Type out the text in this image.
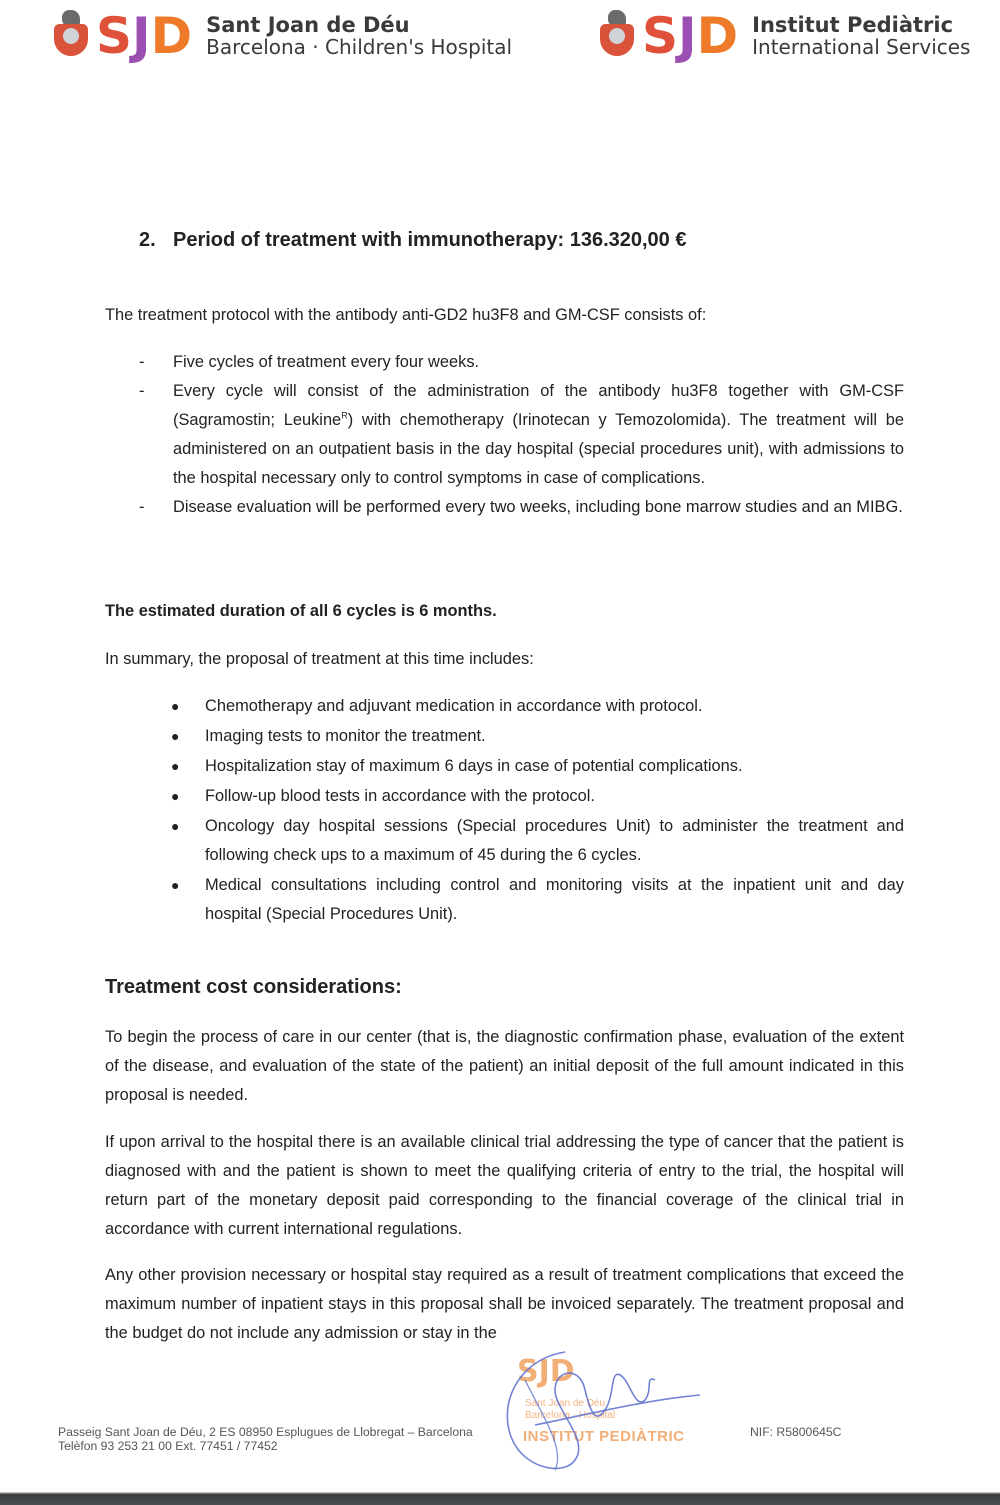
SJD Sant Joan de Déu
Barcelona · Children's Hospital	SJD Institut Pediàtric
International Services
2. Period of treatment with immunotherapy: 136.320,00 €
The treatment protocol with the antibody anti-GD2 hu3F8 and GM-CSF consists of:
- Five cycles of treatment every four weeks.
- Every cycle will consist of the administration of the antibody hu3F8 together with GM-CSF (Sagramostin; Leukine$^R$) with chemotherapy (Irinotecan y Temozolomida). The treatment will be administered on an outpatient basis in the day hospital (special procedures unit), with admissions to the hospital necessary only to control symptoms in case of complications.
- Disease evaluation will be performed every two weeks, including bone marrow studies and an MIBG.
The estimated duration of all 6 cycles is 6 months.
In summary, the proposal of treatment at this time includes:
● Chemotherapy and adjuvant medication in accordance with protocol.
● Imaging tests to monitor the treatment.
● Hospitalization stay of maximum 6 days in case of potential complications.
● Follow-up blood tests in accordance with the protocol.
● Oncology day hospital sessions (Special procedures Unit) to administer the treatment and following check ups to a maximum of 45 during the 6 cycles.
● Medical consultations including control and monitoring visits at the inpatient unit and day hospital (Special Procedures Unit).
Treatment cost considerations:
To begin the process of care in our center (that is, the diagnostic confirmation phase, evaluation of the extent of the disease, and evaluation of the state of the patient) an initial deposit of the full amount indicated in this proposal is needed.
If upon arrival to the hospital there is an available clinical trial addressing the type of cancer that the patient is diagnosed with and the patient is shown to meet the qualifying criteria of entry to the trial, the hospital will return part of the monetary deposit paid corresponding to the financial coverage of the clinical trial in accordance with current international regulations.
Any other provision necessary or hospital stay required as a result of treatment complications that exceed the maximum number of inpatient stays in this proposal shall be invoiced separately. The treatment proposal and the budget do not include any admission or stay in the
Passeig Sant Joan de Déu, 2 ES 08950 Esplugues de Llobregat – Barcelona
Telèfon 93 253 21 00 Ext. 77451 / 77452
NIF: R5800645C
SJD
Sant Joan de Déu
Barcelona · Hospital
INSTITUT PEDIÀTRIC
